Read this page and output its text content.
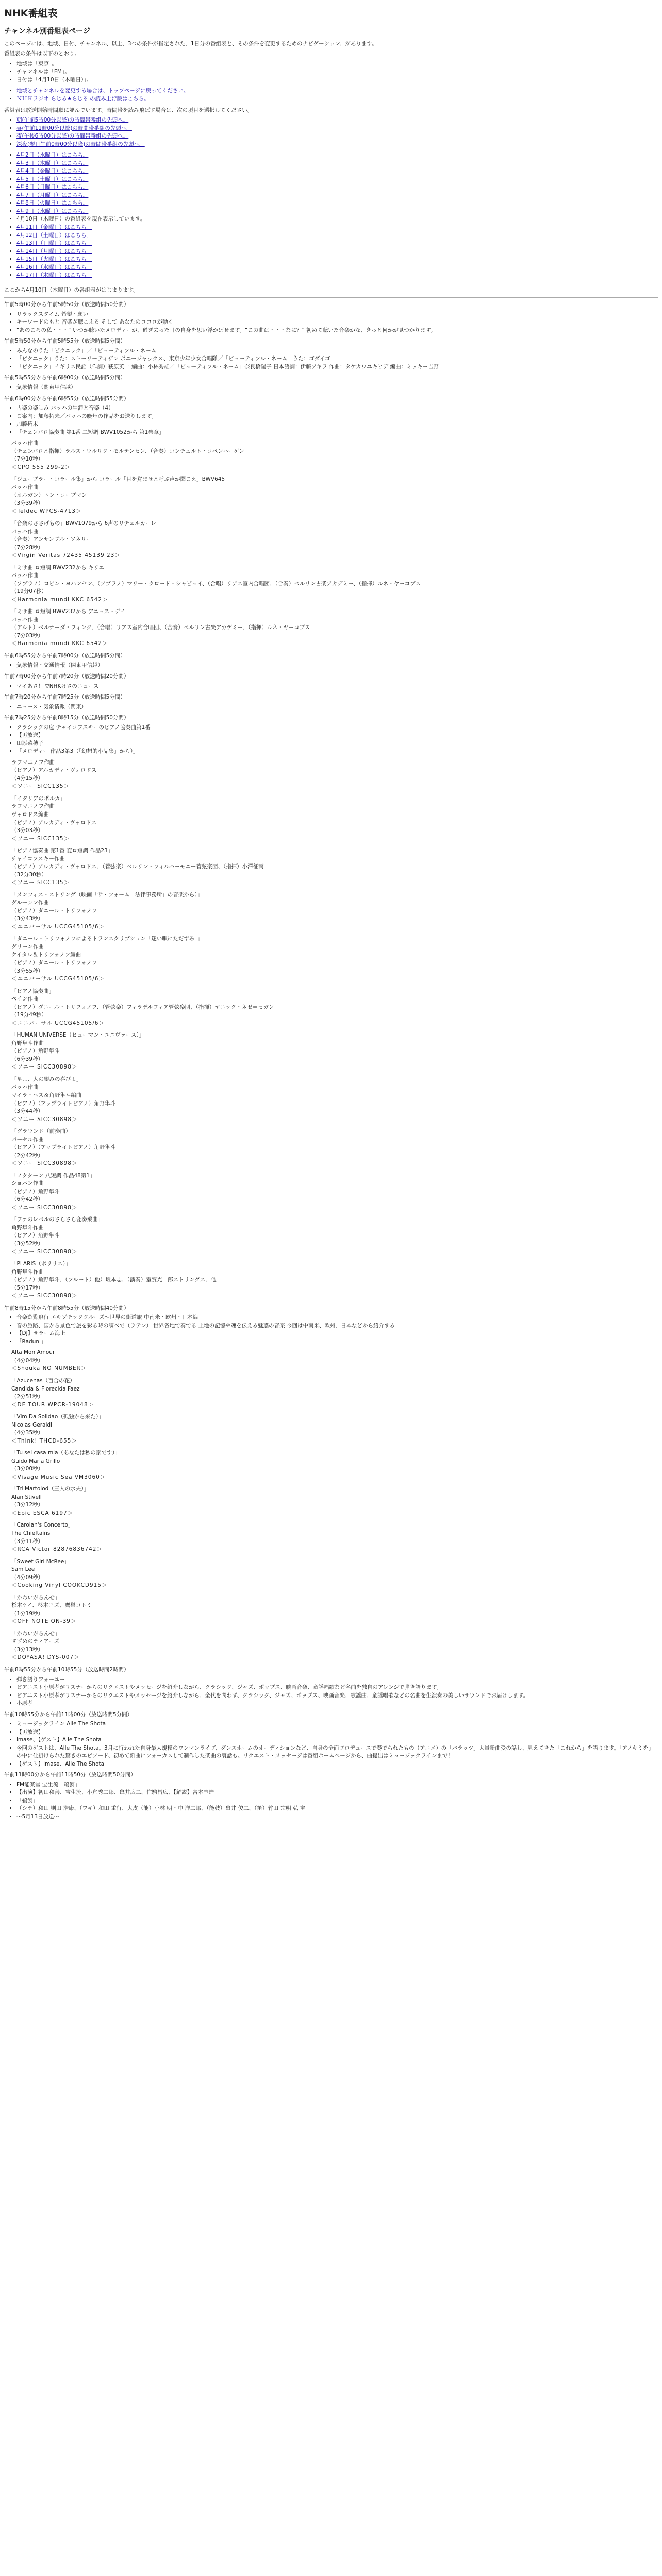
NHK番組表
チャンネル別番組表ページ

このページには、地域、日付、チャンネル、以上、3つの条件が指定された、1日分の番組表と、その条件を変更するためのナビゲーション、があります。

番組表の条件は以下のとおり。

• 地域は「東京」。
• チャンネルは「FM」。
• 日付は「4月10日（木曜日）」。
• 地域とチャンネルを変更する場合は、トップページに戻ってください。
• ＮＨＫラジオ らじる★らじる の読み上げ版はこちら。

番組表は放送開始時間順に並んでいます。時間帯を読み飛ばす場合は、次の項目を選択してください。

• 朝(午前5時00分以降)の時間帯番組の先頭へ。
• 昼(午前11時00分以降)の時間帯番組の先頭へ。
• 夜(午後6時00分以降)の時間帯番組の先頭へ。
• 深夜(翌日午前0時00分以降)の時間帯番組の先頭へ。
• 4月2日（水曜日）はこちら。
• 4月3日（木曜日）はこちら。
• 4月4日（金曜日）はこちら。
• 4月5日（土曜日）はこちら。
• 4月6日（日曜日）はこちら。
• 4月7日（月曜日）はこちら。
• 4月8日（火曜日）はこちら。
• 4月9日（水曜日）はこちら。
• 4月10日（木曜日）の番組表を現在表示しています。
• 4月11日（金曜日）はこちら。
• 4月12日（土曜日）はこちら。
• 4月13日（日曜日）はこちら。
• 4月14日（月曜日）はこちら。
• 4月15日（火曜日）はこちら。
• 4月16日（水曜日）はこちら。
• 4月17日（木曜日）はこちら。

ここから4月10日（木曜日）の番組表がはじまります。

午前5時00分から午前5時50分（放送時間50分間）

• リラックスタイム 希望・願い
• キーワードのもと 音楽が聴こえる そして あなたのココロが動く
• “あのころの私・・・” いつか聴いたメロディーが、過ぎ去った日の自身を思い浮かばせます。“この曲は・・・なに？” 初めて聴いた音楽かな、きっと何かが見つかります。

午前5時50分から午前5時55分（放送時間5分間）

• みんなのうた「ピクニック」／「ビューティフル・ネーム」
• 「ピクニック」うた：ストーリーティザン ボニージャックス、東京少年少女合唱隊／「ビューティフル・ネーム」うた：ゴダイゴ
• 「ピクニック」イギリス民謡（作詞）萩原英一 編曲：小林秀雄／「ビューティフル・ネーム」奈良橋陽子 日本語詞：伊藤アキラ 作曲：タケカワユキヒデ 編曲：ミッキー吉野

午前5時55分から午前6時00分（放送時間5分間）

• 気象情報（関東甲信越）

午前6時00分から午前6時55分（放送時間55分間）

• 古楽の楽しみ バッハの生涯と音楽（4）
• ご案内：加藤拓未／バッハの晩年の作品をお送りします。
• 加藤拓未
• 「チェンバロ協奏曲 第1番 二短調 BWV1052から 第1楽章」
バッハ作曲
（チェンバロと指揮）ラルス・ウルリク・モルテンセン、（合奏）コンチェルト・コペンハーゲン
（7分10秒）
＜CPO 555 299-2＞
「ジューブラー・コラール集」から コラール「目を覚ませと呼ぶ声が聞こえ」BWV645
バッハ作曲
（オルガン）トン・コープマン
（3分39秒）
＜Teldec WPCS-4713＞
「音楽のささげもの」BWV1079から 6声のリチェルカーレ
バッハ作曲
（合奏）アンサンブル・ソネリー
（7分28秒）
＜Virgin Veritas 72435 45139 23＞
「ミサ曲 ロ短調 BWV232から キリエ」
バッハ作曲
（ソプラノ）ロビン・ヨハンセン、（ソプラノ）マリー・クロード・シャピュイ、（合唱）リアス室内合唱団、（合奏）ベルリン古楽アカデミー、（指揮）ルネ・ヤーコプス
（19分07秒）
＜Harmonia mundi KKC 6542＞
「ミサ曲 ロ短調 BWV232から アニュス・デイ」
バッハ作曲
（アルト）ベルナーダ・フィンク、（合唱）リアス室内合唱団、（合奏）ベルリン古楽アカデミー、（指揮）ルネ・ヤーコプス
（7分03秒）
＜Harmonia mundi KKC 6542＞

午前6時55分から午前7時00分（放送時間5分間）

• 気象情報・交通情報（関東甲信越）

午前7時00分から午前7時20分（放送時間20分間）

• マイあさ！ ▽NHKけさのニュース

午前7時20分から午前7時25分（放送時間5分間）

• ニュース・気象情報（関東）

午前7時25分から午前8時15分（放送時間50分間）

• クラシックの庭 チャイコフスキーのピアノ協奏曲第1番
• 【再放送】
• 田添菜穂子
• 「メロディー 作品3第3（「幻想的小品集」から）」
ラフマニノフ作曲
（ピアノ）アルカディ・ヴォロドス
（4分15秒）
＜ソニー SICC135＞
「イタリアのポルカ」
ラフマニノフ作曲
ヴォロドス編曲
（ピアノ）アルカディ・ヴォロドス
（3分03秒）
＜ソニー SICC135＞
「ピアノ協奏曲 第1番 変ロ短調 作品23」
チャイコフスキー作曲
（ピアノ）アルカディ・ヴォロドス、（管弦楽）ベルリン・フィルハーモニー管弦楽団、（指揮）小澤征爾
（32分30秒）
＜ソニー SICC135＞
「メンフィス・ストリング（映画「サ・フォーム」法律事務所」の音楽から）」
グルーシン作曲
（ピアノ）ダニール・トリフォノフ
（3分43秒）
＜ユニバーサル UCCG45105/6＞
「ダニール・トリフォノフによるトランスクリプション「迷い唄にただずみ」」
グリーン作曲
ケイタル＆トリフォノフ編曲
（ピアノ）ダニール・トリフォノフ
（3分55秒）
＜ユニバーサル UCCG45105/6＞
「ピアノ協奏曲」
ペイン作曲
（ピアノ）ダニール・トリフォノフ、（管弦楽）フィラデルフィア管弦楽団、（指揮）ヤニック・ネゼ＝セガン
（19分49秒）
＜ユニバーサル UCCG45105/6＞
「HUMAN UNIVERSE（ヒューマン・ユニヴァース）」
角野隼斗作曲
（ピアノ）角野隼斗
（6分39秒）
＜ソニー SICC30898＞
「星よ、人の望みの喜びよ」
バッハ作曲
マイラ・ヘス＆角野隼斗編曲
（ピアノ）（アップライトピアノ）角野隼斗
（3分44秒）
＜ソニー SICC30898＞
「グラウンド（前奏曲）
パーセル作曲
（ピアノ）（アップライトピアノ）角野隼斗
（2分42秒）
＜ソニー SICC30898＞
「ノクターン 八短調 作品48第1」
ショパン作曲
（ピアノ）角野隼斗
（6分42秒）
＜ソニー SICC30898＞
「ファのレベルのさらさら変奏乗曲」
角野隼斗作曲
（ピアノ）角野隼斗
（3分52秒）
＜ソニー SICC30898＞
「PLARIS（ポリリス）」
角野隼斗作曲
（ピアノ）角野隼斗、（フルート）他）坂本志、（演奏）室賀光一郎ストリングス、他
（5分17秒）
＜ソニー SICC30898＞

午前8時15分から午前8時55分（放送時間40分間）

• 音楽遊覧飛行 エキゾチッククルーズ～世界の街道旅 中南米・欧州・日本編
• 音の旅路、国から景色で旅を彩る時の調べで（ラテン） 世界各地で奏でる 土地の記憶や魂を伝える魅惑の音楽 今回は中南米、欧州、日本などから紹介する
• 【DJ】サラーム海上
• 「Raduni」
Alta Mon Amour
（4分04秒）
＜Shouka NO NUMBER＞
「Azucenas（百合の花）」
Candida & Florecida Faez
（2分51秒）
＜DE TOUR WPCR-19048＞
「Vim Da Solidao（孤独から来た）」
Nicolas Geraldi
（4分35秒）
＜Think! THCD-655＞
「Tu sei casa mia（あなたは私の家です）」
Guido Maria Grillo
（3分00秒）
＜Visage Music Sea VM3060＞
「Tri Martolod（三人の水夫）」
Alan Stivell
（3分12秒）
＜Epic ESCA 6197＞
「Carolan's Concerto」
The Chieftains
（3分11秒）
＜RCA Victor 82876836742＞
「Sweet Girl McRee」
Sam Lee
（4分09秒）
＜Cooking Vinyl COOKCD915＞
「かわいがらんせ」
杉本ケイ、杉本ユズ、鷹巣コトミ
（1分19秒）
＜OFF NOTE ON-39＞
「かわいがらんせ」
すずめのティアーズ
（3分13秒）
＜DOYASA! DYS-007＞

午前8時55分から午前10時55分（放送時間2時間）

• 弾き語りフォーユー
• ピアニスト小原孝がリスナーからのリクエストやメッセージを紹介しながら、クラシック、ジャズ、ポップス、映画音楽、童謡唱歌など名曲を独自のアレンジで弾き語ります。
• ピアニスト小原孝がリスナーからのリクエストやメッセージを紹介しながら、全代を問わず、クラシック、ジャズ、ポップス、映画音楽、歌謡曲、童謡唱歌などの名曲を生演奏の美しいサウンドでお届けします。
• 小原孝

午前10時55分から午前11時00分（放送時間5分間）

• ミュージックライン Alle The Shota
• 【再放送】
• imase、【ゲスト】Alle The Shota
• 今回のゲストは、Alle The Shota。3月に行われた自身最大規模のワンマンライブ、ダンスホームのオーディションなど、自身の全面プロデュースで奏でられたもの（アニメ）の「バラッツ」大量新曲受の話し、見えてきた「これから」を語ります。「アノキミを」の中に仕掛けられた驚きのエピソード、初めて新曲にフォーカスして制作した楽曲の裏話も。リクエスト・メッセージは番組ホームページから、曲提出はミュージックラインまで！
• 【ゲスト】imase、Alle The Shota

午前11時00分から午前11時50分（放送時間50分間）

• FM能楽堂 宝生流「鵜飼」
• 【出演】初田和善、宝生流、小倉秀二郎、亀井広二、住駒昌広、【解説】宮本圭造
• 「鵜飼」
• （シテ）和田 則田 浩康、（ワキ）和田 重行、大皮（能）小林 明・中 洋二郎、（能鼓）亀井 俊二、（笛）竹田 宗明 弘 宝
• ～5月13日放送～
